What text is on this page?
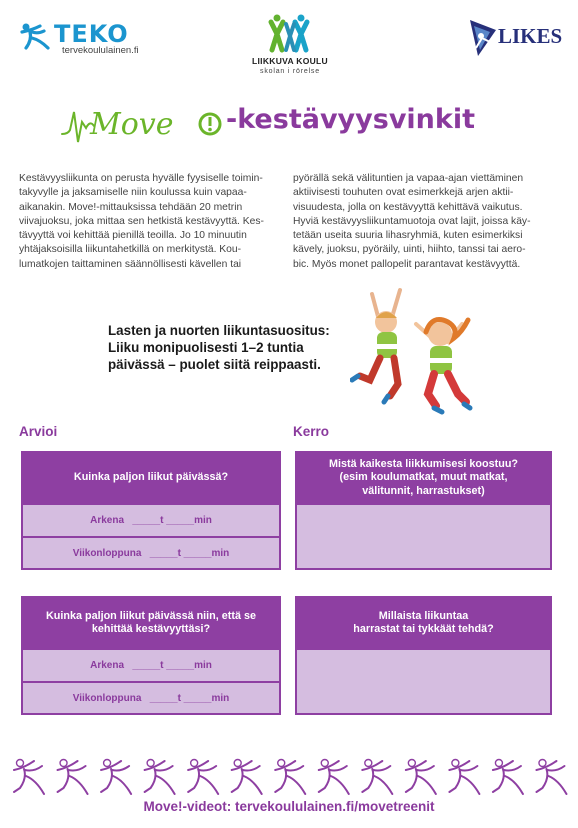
TEKO
tervekoululainen.fi
LIIKKUVA KOULU
skolan i rörelse
LIKES
Move -kestävyysvinkit
Kestävyysliikunta on perusta hyvälle fyysiselle toimin-
takyvylle ja jaksamiselle niin koulussa kuin vapaa-
aikanakin. Move!-mittauksissa tehdään 20 metrin
viivajuoksu, joka mittaa sen hetkistä kestävyyttä. Kes-
tävyyttä voi kehittää pienillä teoilla. Jo 10 minuutin
yhtäjaksoisilla liikuntahetkillä on merkitystä. Kou-
lumatkojen taittaminen säännöllisesti kävellen tai
pyörällä sekä välituntien ja vapaa-ajan viettäminen
aktiivisesti touhuten ovat esimerkkejä arjen aktii-
visuudesta, jolla on kestävyyttä kehittävä vaikutus.
Hyviä kestävyysliikuntamuotoja ovat lajit, joissa käy-
tetään useita suuria lihasryhmiä, kuten esimerkiksi
kävely, juoksu, pyöräily, uinti, hiihto, tanssi tai aero-
bic. Myös monet pallopelit parantavat kestävyyttä.
Lasten ja nuorten liikuntasuositus:
Liiku monipuolisesti 1–2 tuntia
päivässä – puolet siitä reippaasti.
Arvioi
Kuinka paljon liikut päivässä?
Arkena   _____t _____min
Viikonloppuna   _____t _____min
Kuinka paljon liikut päivässä niin, että se
kehittää kestävyyttäsi?
Arkena   _____t _____min
Viikonloppuna   _____t _____min
Kerro
Mistä kaikesta liikkumisesi koostuu?
(esim koulumatkat, muut matkat,
välitunnit, harrastukset)
Millaista liikuntaa
harrastat tai tykkäät tehdä?
Move!-videot: tervekoululainen.fi/movetreenit
